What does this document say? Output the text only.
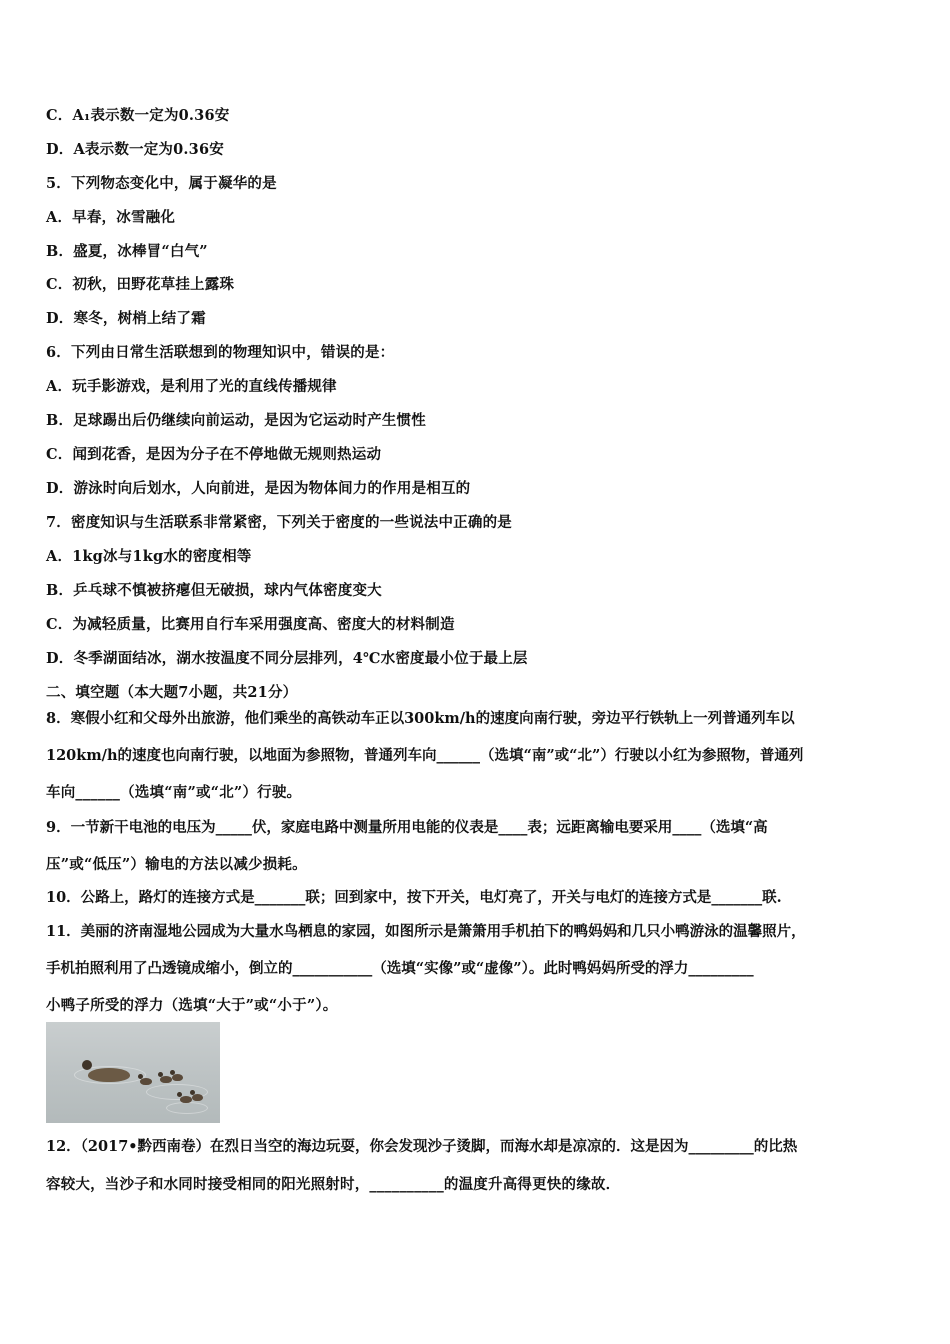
C．A₁表示数一定为0.36安
D．A表示数一定为0.36安
5．下列物态变化中，属于凝华的是
A．早春，冰雪融化
B．盛夏，冰棒冒“白气”
C．初秋，田野花草挂上露珠
D．寒冬，树梢上结了霜
6．下列由日常生活联想到的物理知识中，错误的是：
A．玩手影游戏，是利用了光的直线传播规律
B．足球踢出后仍继续向前运动，是因为它运动时产生惯性
C．闻到花香，是因为分子在不停地做无规则热运动
D．游泳时向后划水，人向前进，是因为物体间力的作用是相互的
7．密度知识与生活联系非常紧密，下列关于密度的一些说法中正确的是
A．1kg冰与1kg水的密度相等
B．乒乓球不慎被挤瘪但无破损，球内气体密度变大
C．为减轻质量，比赛用自行车采用强度高、密度大的材料制造
D．冬季湖面结冰，湖水按温度不同分层排列，4℃水密度最小位于最上层
二、填空题（本大题7小题，共21分）
8．寒假小红和父母外出旅游，他们乘坐的高铁动车正以300km/h的速度向南行驶，旁边平行铁轨上一列普通列车以
120km/h的速度也向南行驶，以地面为参照物，普通列车向______（选填“南”或“北”）行驶以小红为参照物，普通列
车向______（选填“南”或“北”）行驶。
9．一节新干电池的电压为_____伏，家庭电路中测量所用电能的仪表是____表；远距离输电要采用____（选填“高
压”或“低压”）输电的方法以减少损耗。
10．公路上，路灯的连接方式是_______联；回到家中，按下开关，电灯亮了，开关与电灯的连接方式是_______联.
11．美丽的济南湿地公园成为大量水鸟栖息的家园，如图所示是箫箫用手机拍下的鸭妈妈和几只小鸭游泳的温馨照片，
手机拍照利用了凸透镜成缩小，倒立的___________（选填“实像”或“虚像”）。此时鸭妈妈所受的浮力_________
小鸭子所受的浮力（选填“大于”或“小于”）。
12．（2017•黔西南卷）在烈日当空的海边玩耍，你会发现沙子烫脚，而海水却是凉凉的．这是因为_________的比热
容较大，当沙子和水同时接受相同的阳光照射时，__________的温度升高得更快的缘故．
